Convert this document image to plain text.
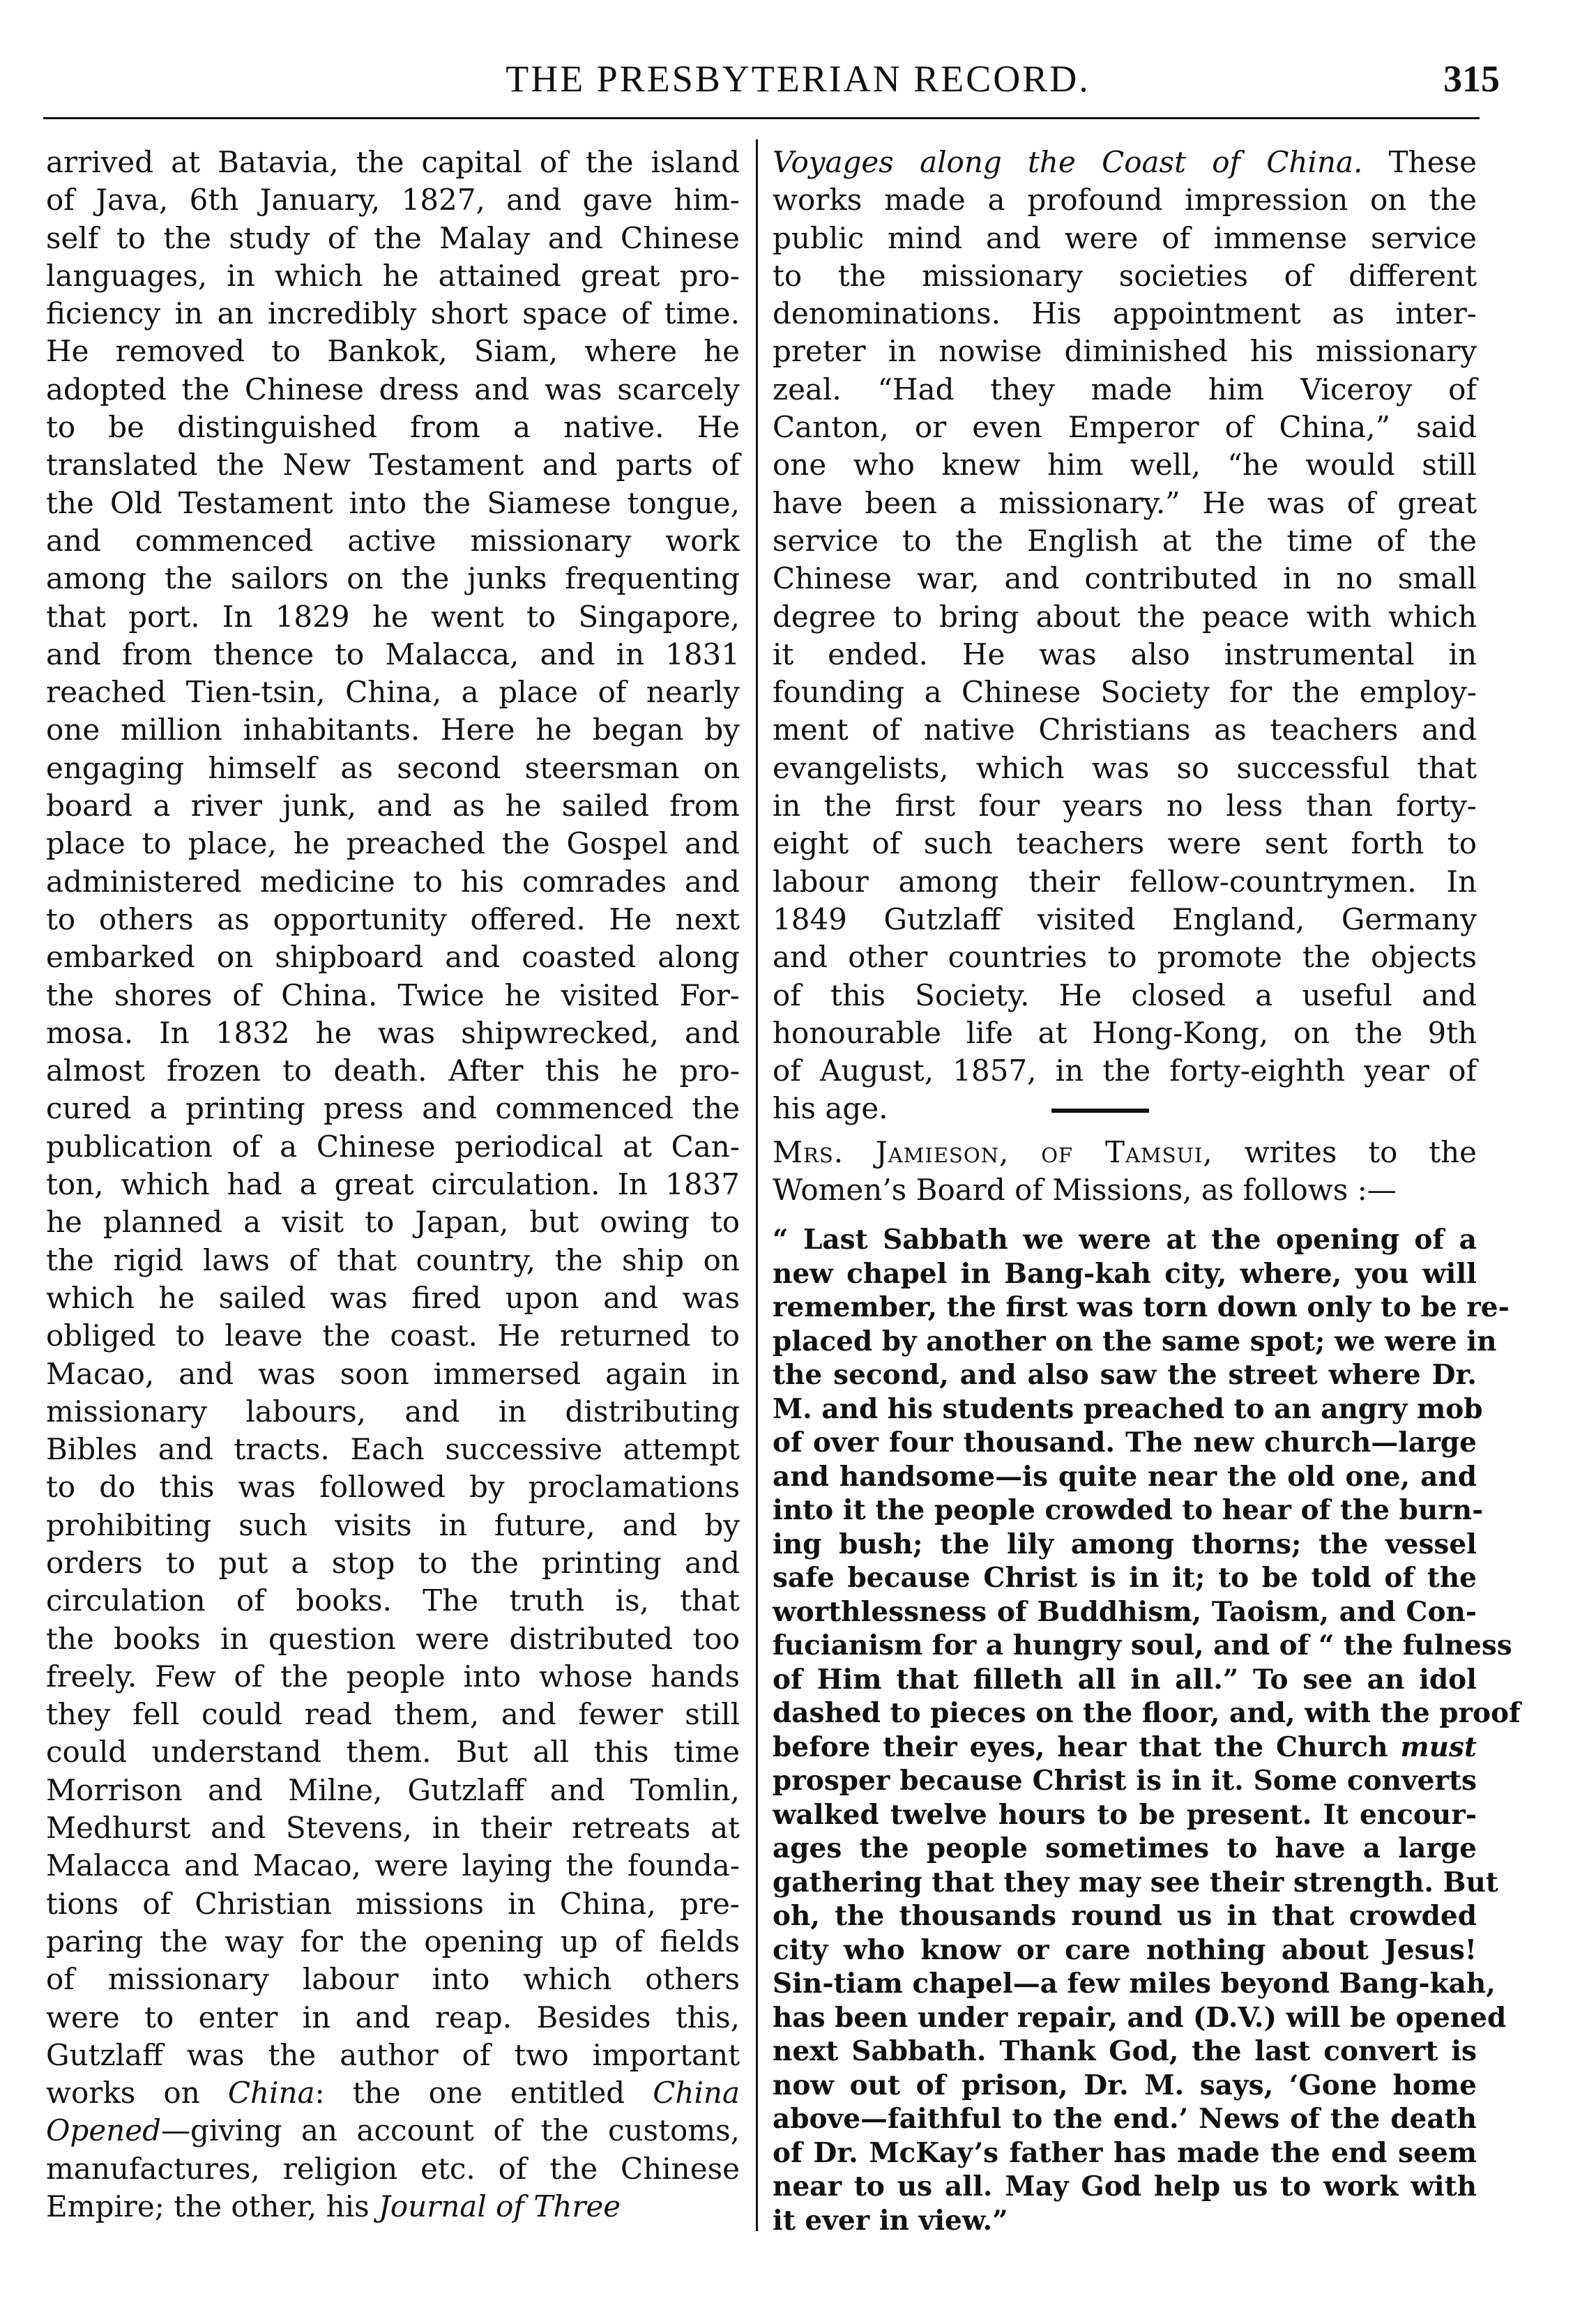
THE PRESBYTERIAN RECORD.	315

arrived at Batavia, the capital of the island
of Java, 6th January, 1827, and gave him-
self to the study of the Malay and Chinese
languages, in which he attained great pro-
ficiency in an incredibly short space of time.
He removed to Bankok, Siam, where he
adopted the Chinese dress and was scarcely
to be distinguished from a native. He
translated the New Testament and parts of
the Old Testament into the Siamese tongue,
and commenced active missionary work
among the sailors on the junks frequenting
that port. In 1829 he went to Singapore,
and from thence to Malacca, and in 1831
reached Tien-tsin, China, a place of nearly
one million inhabitants. Here he began by
engaging himself as second steersman on
board a river junk, and as he sailed from
place to place, he preached the Gospel and
administered medicine to his comrades and
to others as opportunity offered. He next
embarked on shipboard and coasted along
the shores of China. Twice he visited For-
mosa. In 1832 he was shipwrecked, and
almost frozen to death. After this he pro-
cured a printing press and commenced the
publication of a Chinese periodical at Can-
ton, which had a great circulation. In 1837
he planned a visit to Japan, but owing to
the rigid laws of that country, the ship on
which he sailed was fired upon and was
obliged to leave the coast. He returned to
Macao, and was soon immersed again in
missionary labours, and in distributing
Bibles and tracts. Each successive attempt
to do this was followed by proclamations
prohibiting such visits in future, and by
orders to put a stop to the printing and
circulation of books. The truth is, that
the books in question were distributed too
freely. Few of the people into whose hands
they fell could read them, and fewer still
could understand them. But all this time
Morrison and Milne, Gutzlaff and Tomlin,
Medhurst and Stevens, in their retreats at
Malacca and Macao, were laying the founda-
tions of Christian missions in China, pre-
paring the way for the opening up of fields
of missionary labour into which others
were to enter in and reap. Besides this,
Gutzlaff was the author of two important
works on China: the one entitled China
Opened—giving an account of the customs,
manufactures, religion etc. of the Chinese
Empire; the other, his Journal of Three

Voyages along the Coast of China. These
works made a profound impression on the
public mind and were of immense service
to the missionary societies of different
denominations. His appointment as inter-
preter in nowise diminished his missionary
zeal. “Had they made him Viceroy of
Canton, or even Emperor of China,” said
one who knew him well, “he would still
have been a missionary.” He was of great
service to the English at the time of the
Chinese war, and contributed in no small
degree to bring about the peace with which
it ended. He was also instrumental in
founding a Chinese Society for the employ-
ment of native Christians as teachers and
evangelists, which was so successful that
in the first four years no less than forty-
eight of such teachers were sent forth to
labour among their fellow-countrymen. In
1849 Gutzlaff visited England, Germany
and other countries to promote the objects
of this Society. He closed a useful and
honourable life at Hong-Kong, on the 9th
of August, 1857, in the forty-eighth year of
his age.

Mrs. Jamieson, of Tamsui, writes to the
Women’s Board of Missions, as follows :—

“ Last Sabbath we were at the opening of a
new chapel in Bang-kah city, where, you will
remember, the first was torn down only to be re-
placed by another on the same spot; we were in
the second, and also saw the street where Dr.
M. and his students preached to an angry mob
of over four thousand. The new church—large
and handsome—is quite near the old one, and
into it the people crowded to hear of the burn-
ing bush; the lily among thorns; the vessel
safe because Christ is in it; to be told of the
worthlessness of Buddhism, Taoism, and Con-
fucianism for a hungry soul, and of “ the fulness
of Him that filleth all in all.” To see an idol
dashed to pieces on the floor, and, with the proof
before their eyes, hear that the Church must
prosper because Christ is in it. Some converts
walked twelve hours to be present. It encour-
ages the people sometimes to have a large
gathering that they may see their strength. But
oh, the thousands round us in that crowded
city who know or care nothing about Jesus!
Sin-tiam chapel—a few miles beyond Bang-kah,
has been under repair, and (D.V.) will be opened
next Sabbath. Thank God, the last convert is
now out of prison, Dr. M. says, ‘Gone home
above—faithful to the end.’ News of the death
of Dr. McKay’s father has made the end seem
near to us all. May God help us to work with
it ever in view.”
